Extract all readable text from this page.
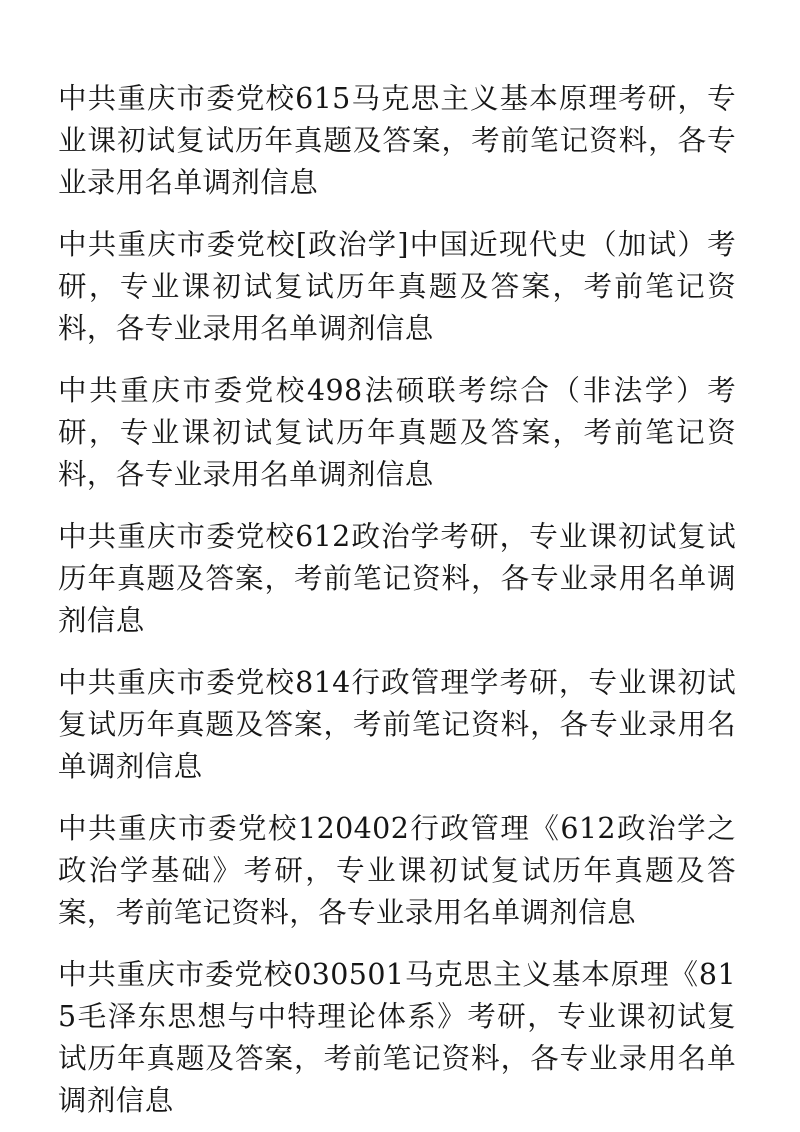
中共重庆市委党校615马克思主义基本原理考研，专业课初试复试历年真题及答案，考前笔记资料，各专业录用名单调剂信息

中共重庆市委党校[政治学]中国近现代史（加试）考研，专业课初试复试历年真题及答案，考前笔记资料，各专业录用名单调剂信息

中共重庆市委党校498法硕联考综合（非法学）考研，专业课初试复试历年真题及答案，考前笔记资料，各专业录用名单调剂信息

中共重庆市委党校612政治学考研，专业课初试复试历年真题及答案，考前笔记资料，各专业录用名单调剂信息

中共重庆市委党校814行政管理学考研，专业课初试复试历年真题及答案，考前笔记资料，各专业录用名单调剂信息

中共重庆市委党校120402行政管理《612政治学之政治学基础》考研，专业课初试复试历年真题及答案，考前笔记资料，各专业录用名单调剂信息

中共重庆市委党校030501马克思主义基本原理《815毛泽东思想与中特理论体系》考研，专业课初试复试历年真题及答案，考前笔记资料，各专业录用名单调剂信息
